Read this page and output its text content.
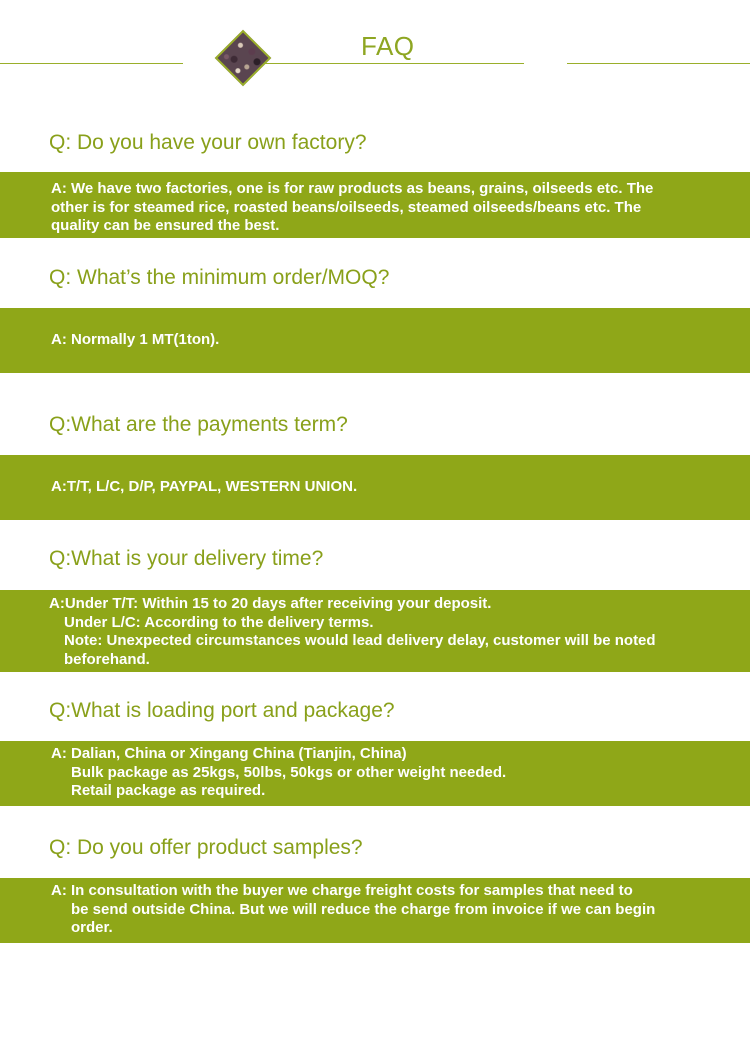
FAQ
Q: Do you have your own factory?
A: We have two factories, one is for raw products as beans, grains, oilseeds etc. The
other is for steamed rice, roasted beans/oilseeds, steamed oilseeds/beans etc. The
quality can be ensured the best.
Q: What’s the minimum order/MOQ?
A: Normally 1 MT(1ton).
Q:What are the payments term?
A:T/T, L/C, D/P, PAYPAL, WESTERN UNION.
Q:What is your delivery time?
A:Under T/T: Within 15 to 20 days after receiving your deposit.
Under L/C: According to the delivery terms.
Note: Unexpected circumstances would lead delivery delay, customer will be noted
beforehand.
Q:What is loading port and package?
A: Dalian, China or Xingang China (Tianjin, China)
Bulk package as 25kgs, 50lbs, 50kgs or other weight needed.
Retail package as required.
Q: Do you offer product samples?
A: In consultation with the buyer we charge freight costs for samples that need to
be send outside China. But we will reduce the charge from invoice if we can begin
order.
